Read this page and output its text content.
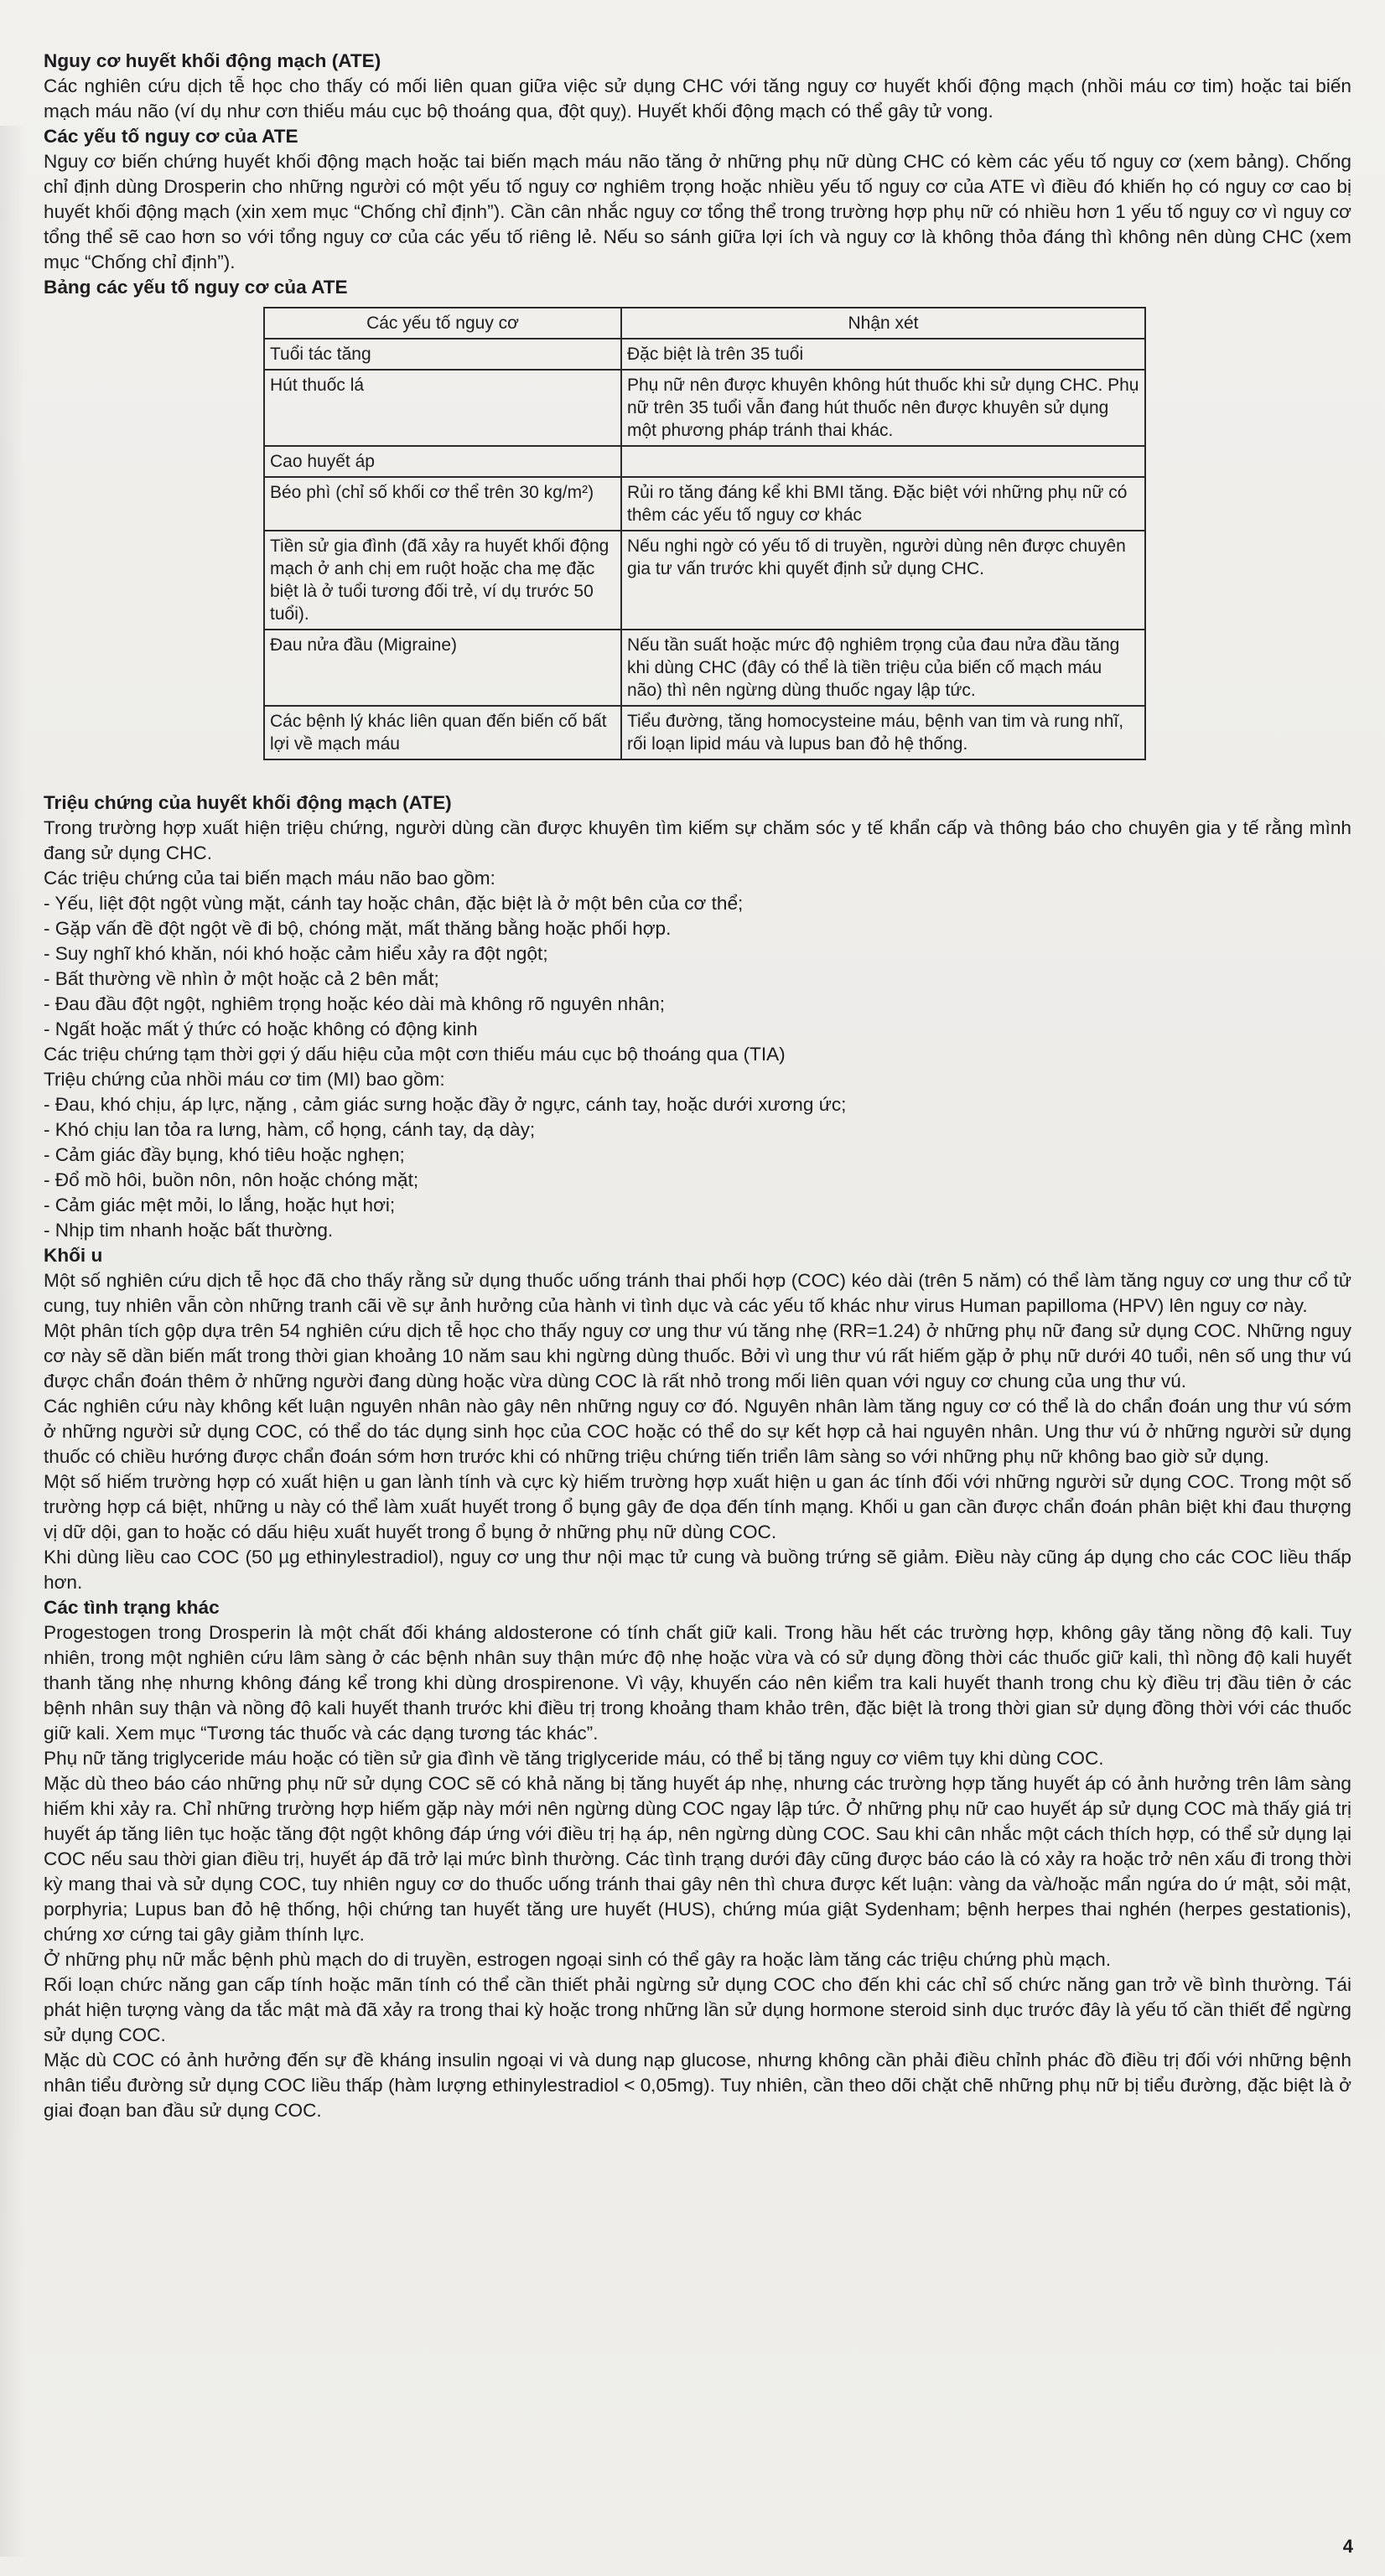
Nguy cơ huyết khối động mạch (ATE)

Các nghiên cứu dịch tễ học cho thấy có mối liên quan giữa việc sử dụng CHC với tăng nguy cơ huyết khối động mạch (nhồi máu cơ tim) hoặc tai biến mạch máu não (ví dụ như cơn thiếu máu cục bộ thoáng qua, đột quỵ). Huyết khối động mạch có thể gây tử vong.

Các yếu tố nguy cơ của ATE

Nguy cơ biến chứng huyết khối động mạch hoặc tai biến mạch máu não tăng ở những phụ nữ dùng CHC có kèm các yếu tố nguy cơ (xem bảng). Chống chỉ định dùng Drosperin cho những người có một yếu tố nguy cơ nghiêm trọng hoặc nhiều yếu tố nguy cơ của ATE vì điều đó khiến họ có nguy cơ cao bị huyết khối động mạch (xin xem mục “Chống chỉ định”). Cần cân nhắc nguy cơ tổng thể trong trường hợp phụ nữ có nhiều hơn 1 yếu tố nguy cơ vì nguy cơ tổng thể sẽ cao hơn so với tổng nguy cơ của các yếu tố riêng lẻ. Nếu so sánh giữa lợi ích và nguy cơ là không thỏa đáng thì không nên dùng CHC (xem mục “Chống chỉ định”).

Bảng các yếu tố nguy cơ của ATE
Các yếu tố nguy cơ	Nhận xét
Tuổi tác tăng	Đặc biệt là trên 35 tuổi
Hút thuốc lá	Phụ nữ nên được khuyên không hút thuốc khi sử dụng CHC. Phụ nữ trên 35 tuổi vẫn đang hút thuốc nên được khuyên sử dụng một phương pháp tránh thai khác.
Cao huyết áp	
Béo phì (chỉ số khối cơ thể trên 30 kg/m²)	Rủi ro tăng đáng kể khi BMI tăng. Đặc biệt với những phụ nữ có thêm các yếu tố nguy cơ khác
Tiền sử gia đình (đã xảy ra huyết khối động mạch ở anh chị em ruột hoặc cha mẹ đặc biệt là ở tuổi tương đối trẻ, ví dụ trước 50 tuổi).	Nếu nghi ngờ có yếu tố di truyền, người dùng nên được chuyên gia tư vấn trước khi quyết định sử dụng CHC.
Đau nửa đầu (Migraine)	Nếu tần suất hoặc mức độ nghiêm trọng của đau nửa đầu tăng khi dùng CHC (đây có thể là tiền triệu của biến cố mạch máu não) thì nên ngừng dùng thuốc ngay lập tức.
Các bệnh lý khác liên quan đến biến cố bất lợi về mạch máu	Tiểu đường, tăng homocysteine máu, bệnh van tim và rung nhĩ, rối loạn lipid máu và lupus ban đỏ hệ thống.
Triệu chứng của huyết khối động mạch (ATE)

Trong trường hợp xuất hiện triệu chứng, người dùng cần được khuyên tìm kiếm sự chăm sóc y tế khẩn cấp và thông báo cho chuyên gia y tế rằng mình đang sử dụng CHC.

Các triệu chứng của tai biến mạch máu não bao gồm:

- Yếu, liệt đột ngột vùng mặt, cánh tay hoặc chân, đặc biệt là ở một bên của cơ thể;

- Gặp vấn đề đột ngột về đi bộ, chóng mặt, mất thăng bằng hoặc phối hợp.

- Suy nghĩ khó khăn, nói khó hoặc cảm hiểu xảy ra đột ngột;

- Bất thường về nhìn ở một hoặc cả 2 bên mắt;

- Đau đầu đột ngột, nghiêm trọng hoặc kéo dài mà không rõ nguyên nhân;

- Ngất hoặc mất ý thức có hoặc không có động kinh

Các triệu chứng tạm thời gợi ý dấu hiệu của một cơn thiếu máu cục bộ thoáng qua (TIA)

Triệu chứng của nhồi máu cơ tim (MI) bao gồm:

- Đau, khó chịu, áp lực, nặng , cảm giác sưng hoặc đầy ở ngực, cánh tay, hoặc dưới xương ức;

- Khó chịu lan tỏa ra lưng, hàm, cổ họng, cánh tay, dạ dày;

- Cảm giác đầy bụng, khó tiêu hoặc nghẹn;

- Đổ mồ hôi, buồn nôn, nôn hoặc chóng mặt;

- Cảm giác mệt mỏi, lo lắng, hoặc hụt hơi;

- Nhịp tim nhanh hoặc bất thường.

Khối u

Một số nghiên cứu dịch tễ học đã cho thấy rằng sử dụng thuốc uống tránh thai phối hợp (COC) kéo dài (trên 5 năm) có thể làm tăng nguy cơ ung thư cổ tử cung, tuy nhiên vẫn còn những tranh cãi về sự ảnh hưởng của hành vi tình dục và các yếu tố khác như virus Human papilloma (HPV) lên nguy cơ này.

Một phân tích gộp dựa trên 54 nghiên cứu dịch tễ học cho thấy nguy cơ ung thư vú tăng nhẹ (RR=1.24) ở những phụ nữ đang sử dụng COC. Những nguy cơ này sẽ dần biến mất trong thời gian khoảng 10 năm sau khi ngừng dùng thuốc. Bởi vì ung thư vú rất hiếm gặp ở phụ nữ dưới 40 tuổi, nên số ung thư vú được chẩn đoán thêm ở những người đang dùng hoặc vừa dùng COC là rất nhỏ trong mối liên quan với nguy cơ chung của ung thư vú.

Các nghiên cứu này không kết luận nguyên nhân nào gây nên những nguy cơ đó. Nguyên nhân làm tăng nguy cơ có thể là do chẩn đoán ung thư vú sớm ở những người sử dụng COC, có thể do tác dụng sinh học của COC hoặc có thể do sự kết hợp cả hai nguyên nhân. Ung thư vú ở những người sử dụng thuốc có chiều hướng được chẩn đoán sớm hơn trước khi có những triệu chứng tiến triển lâm sàng so với những phụ nữ không bao giờ sử dụng.

Một số hiếm trường hợp có xuất hiện u gan lành tính và cực kỳ hiếm trường hợp xuất hiện u gan ác tính đối với những người sử dụng COC. Trong một số trường hợp cá biệt, những u này có thể làm xuất huyết trong ổ bụng gây đe dọa đến tính mạng. Khối u gan cần được chẩn đoán phân biệt khi đau thượng vị dữ dội, gan to hoặc có dấu hiệu xuất huyết trong ổ bụng ở những phụ nữ dùng COC.

Khi dùng liều cao COC (50 µg ethinylestradiol), nguy cơ ung thư nội mạc tử cung và buồng trứng sẽ giảm. Điều này cũng áp dụng cho các COC liều thấp hơn.

Các tình trạng khác

Progestogen trong Drosperin là một chất đối kháng aldosterone có tính chất giữ kali. Trong hầu hết các trường hợp, không gây tăng nồng độ kali. Tuy nhiên, trong một nghiên cứu lâm sàng ở các bệnh nhân suy thận mức độ nhẹ hoặc vừa và có sử dụng đồng thời các thuốc giữ kali, thì nồng độ kali huyết thanh tăng nhẹ nhưng không đáng kể trong khi dùng drospirenone. Vì vậy, khuyến cáo nên kiểm tra kali huyết thanh trong chu kỳ điều trị đầu tiên ở các bệnh nhân suy thận và nồng độ kali huyết thanh trước khi điều trị trong khoảng tham khảo trên, đặc biệt là trong thời gian sử dụng đồng thời với các thuốc giữ kali. Xem mục “Tương tác thuốc và các dạng tương tác khác”.

Phụ nữ tăng triglyceride máu hoặc có tiền sử gia đình về tăng triglyceride máu, có thể bị tăng nguy cơ viêm tụy khi dùng COC.

Mặc dù theo báo cáo những phụ nữ sử dụng COC sẽ có khả năng bị tăng huyết áp nhẹ, nhưng các trường hợp tăng huyết áp có ảnh hưởng trên lâm sàng hiếm khi xảy ra. Chỉ những trường hợp hiếm gặp này mới nên ngừng dùng COC ngay lập tức. Ở những phụ nữ cao huyết áp sử dụng COC mà thấy giá trị huyết áp tăng liên tục hoặc tăng đột ngột không đáp ứng với điều trị hạ áp, nên ngừng dùng COC. Sau khi cân nhắc một cách thích hợp, có thể sử dụng lại COC nếu sau thời gian điều trị, huyết áp đã trở lại mức bình thường. Các tình trạng dưới đây cũng được báo cáo là có xảy ra hoặc trở nên xấu đi trong thời kỳ mang thai và sử dụng COC, tuy nhiên nguy cơ do thuốc uống tránh thai gây nên thì chưa được kết luận: vàng da và/hoặc mẩn ngứa do ứ mật, sỏi mật, porphyria; Lupus ban đỏ hệ thống, hội chứng tan huyết tăng ure huyết (HUS), chứng múa giật Sydenham; bệnh herpes thai nghén (herpes gestationis), chứng xơ cứng tai gây giảm thính lực.

Ở những phụ nữ mắc bệnh phù mạch do di truyền, estrogen ngoại sinh có thể gây ra hoặc làm tăng các triệu chứng phù mạch.

Rối loạn chức năng gan cấp tính hoặc mãn tính có thể cần thiết phải ngừng sử dụng COC cho đến khi các chỉ số chức năng gan trở về bình thường. Tái phát hiện tượng vàng da tắc mật mà đã xảy ra trong thai kỳ hoặc trong những lần sử dụng hormone steroid sinh dục trước đây là yếu tố cần thiết để ngừng sử dụng COC.

Mặc dù COC có ảnh hưởng đến sự đề kháng insulin ngoại vi và dung nạp glucose, nhưng không cần phải điều chỉnh phác đồ điều trị đối với những bệnh nhân tiểu đường sử dụng COC liều thấp (hàm lượng ethinylestradiol < 0,05mg). Tuy nhiên, cần theo dõi chặt chẽ những phụ nữ bị tiểu đường, đặc biệt là ở giai đoạn ban đầu sử dụng COC.

4
